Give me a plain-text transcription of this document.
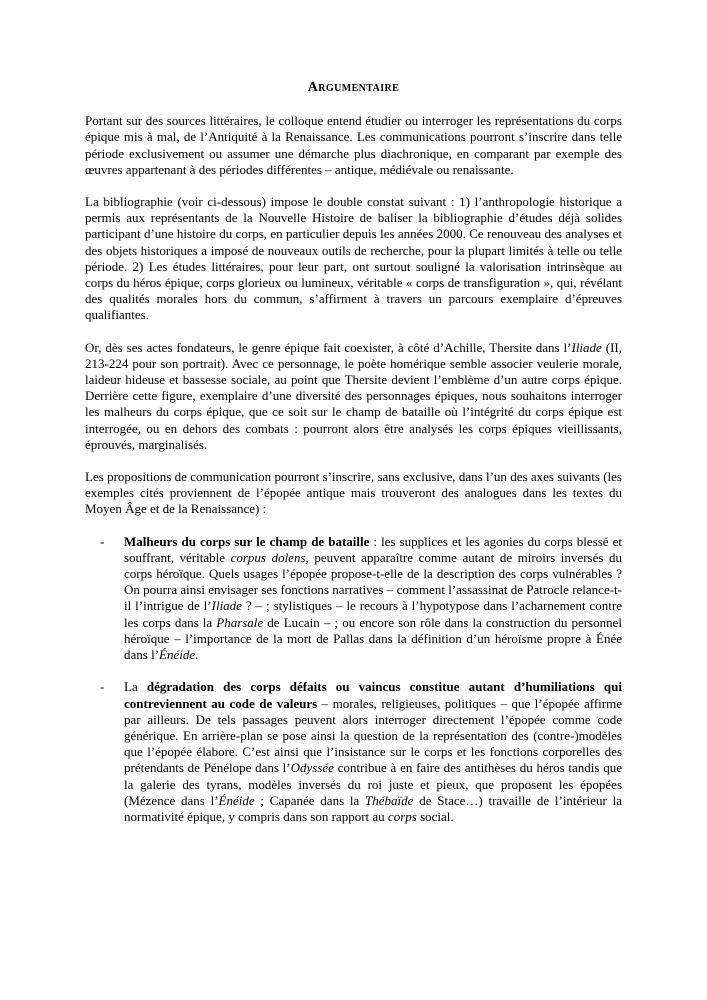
Argumentaire

Portant sur des sources littéraires, le colloque entend étudier ou interroger les représentations du corps épique mis à mal, de l’Antiquité à la Renaissance. Les communications pourront s’inscrire dans telle période exclusivement ou assumer une démarche plus diachronique, en comparant par exemple des œuvres appartenant à des périodes différentes – antique, médiévale ou renaissante.

La bibliographie (voir ci-dessous) impose le double constat suivant : 1) l’anthropologie historique a permis aux représentants de la Nouvelle Histoire de baliser la bibliographie d’études déjà solides participant d’une histoire du corps, en particulier depuis les années 2000. Ce renouveau des analyses et des objets historiques a imposé de nouveaux outils de recherche, pour la plupart limités à telle ou telle période. 2) Les études littéraires, pour leur part, ont surtout souligné la valorisation intrinsèque au corps du héros épique, corps glorieux ou lumineux, véritable « corps de transfiguration », qui, révélant des qualités morales hors du commun, s’affirment à travers un parcours exemplaire d’épreuves qualifiantes.

Or, dès ses actes fondateurs, le genre épique fait coexister, à côté d’Achille, Thersite dans l’Iliade (II, 213-224 pour son portrait). Avec ce personnage, le poète homérique semble associer veulerie morale, laideur hideuse et bassesse sociale, au point que Thersite devient l’emblème d’un autre corps épique. Derrière cette figure, exemplaire d’une diversité des personnages épiques, nous souhaitons interroger les malheurs du corps épique, que ce soit sur le champ de bataille où l’intégrité du corps épique est interrogée, ou en dehors des combats : pourront alors être analysés les corps épiques vieillissants, éprouvés, marginalisés.

Les propositions de communication pourront s’inscrire, sans exclusive, dans l’un des axes suivants (les exemples cités proviennent de l’épopée antique mais trouveront des analogues dans les textes du Moyen Âge et de la Renaissance) :

-	Malheurs du corps sur le champ de bataille : les supplices et les agonies du corps blessé et souffrant, véritable corpus dolens, peuvent apparaître comme autant de miroirs inversés du corps héroïque. Quels usages l’épopée propose-t-elle de la description des corps vulnérables ? On pourra ainsi envisager ses fonctions narratives – comment l’assassinat de Patrocle relance-t-il l’intrigue de l’Iliade ? – ; stylistiques – le recours à l’hypotypose dans l’acharnement contre les corps dans la Pharsale de Lucain – ; ou encore son rôle dans la construction du personnel héroïque – l’importance de la mort de Pallas dans la définition d’un héroïsme propre à Énée dans l’Énéide.

-	La dégradation des corps défaits ou vaincus constitue autant d’humiliations qui contreviennent au code de valeurs – morales, religieuses, politiques – que l’épopée affirme par ailleurs. De tels passages peuvent alors interroger directement l’épopée comme code générique. En arrière-plan se pose ainsi la question de la représentation des (contre-)modèles que l’épopée élabore. C’est ainsi que l’insistance sur le corps et les fonctions corporelles des prétendants de Pénélope dans l’Odyssée contribue à en faire des antithèses du héros tandis que la galerie des tyrans, modèles inversés du roi juste et pieux, que proposent les épopées (Mézence dans l’Énéide ; Capanée dans la Thébaïde de Stace…) travaille de l’intérieur la normativité épique, y compris dans son rapport au corps social.
